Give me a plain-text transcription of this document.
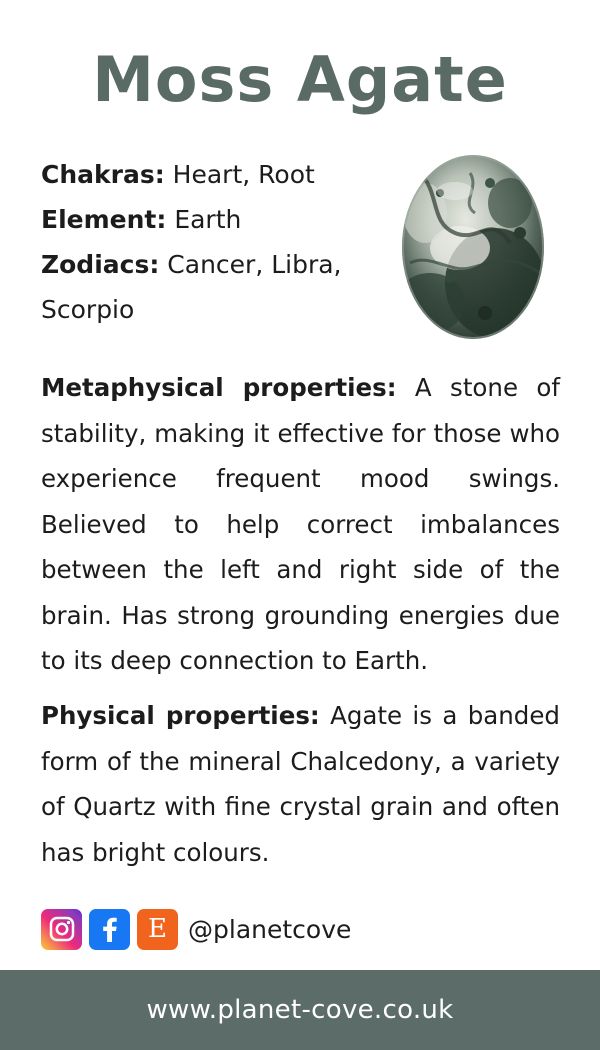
Moss Agate

Chakras: Heart, Root

Element: Earth

Zodiacs: Cancer, Libra, Scorpio

Metaphysical properties: A stone of stability, making it effective for those who experience frequent mood swings. Believed to help correct imbalances between the left and right side of the brain. Has strong grounding energies due to its deep connection to Earth.

Physical properties: Agate is a banded form of the mineral Chalcedony, a variety of Quartz with fine crystal grain and often has bright colours.

E @planetcove
www.planet-cove.co.uk
